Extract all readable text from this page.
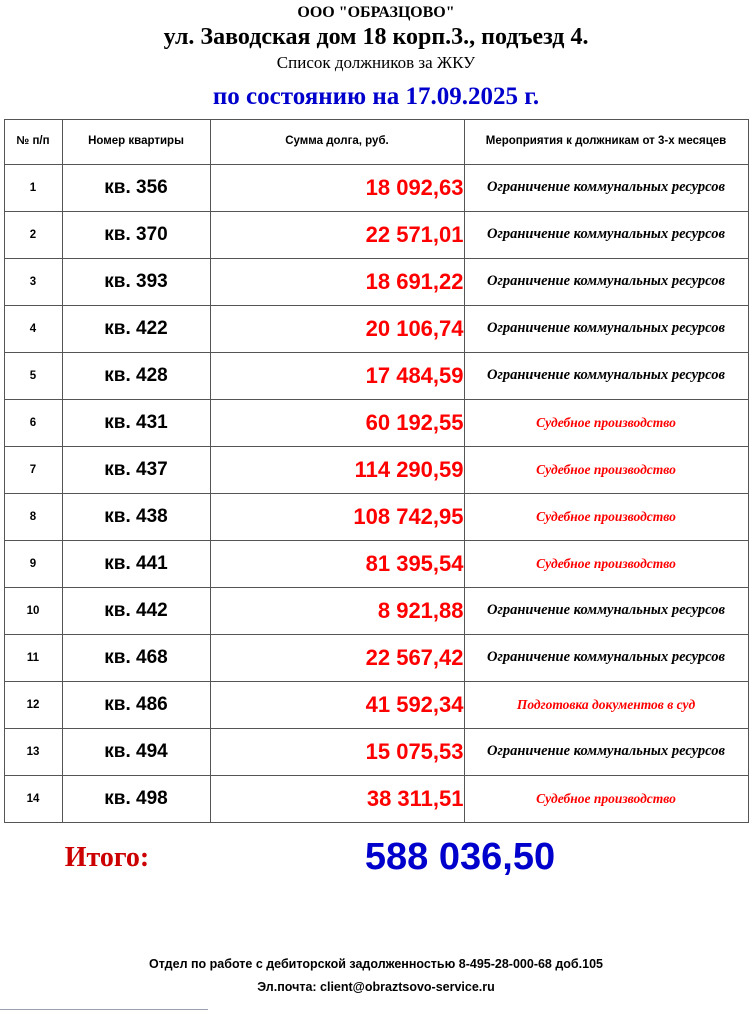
ООО "ОБРАЗЦОВО"
ул. Заводская дом 18 корп.3., подъезд 4.
Список должников за ЖКУ
по состоянию на 17.09.2025 г.
№ п/п	Номер квартиры	Сумма долга, руб.	Мероприятия к должникам от 3-х месяцев
1	кв. 356	18 092,63	Ограничение коммунальных ресурсов
2	кв. 370	22 571,01	Ограничение коммунальных ресурсов
3	кв. 393	18 691,22	Ограничение коммунальных ресурсов
4	кв. 422	20 106,74	Ограничение коммунальных ресурсов
5	кв. 428	17 484,59	Ограничение коммунальных ресурсов
6	кв. 431	60 192,55	Судебное производство
7	кв. 437	114 290,59	Судебное производство
8	кв. 438	108 742,95	Судебное производство
9	кв. 441	81 395,54	Судебное производство
10	кв. 442	8 921,88	Ограничение коммунальных ресурсов
11	кв. 468	22 567,42	Ограничение коммунальных ресурсов
12	кв. 486	41 592,34	Подготовка документов в суд
13	кв. 494	15 075,53	Ограничение коммунальных ресурсов
14	кв. 498	38 311,51	Судебное производство
Итого:	588 036,50
Отдел по работе с дебиторской задолженностью 8-495-28-000-68 доб.105
Эл.почта: client@obraztsovo-service.ru
